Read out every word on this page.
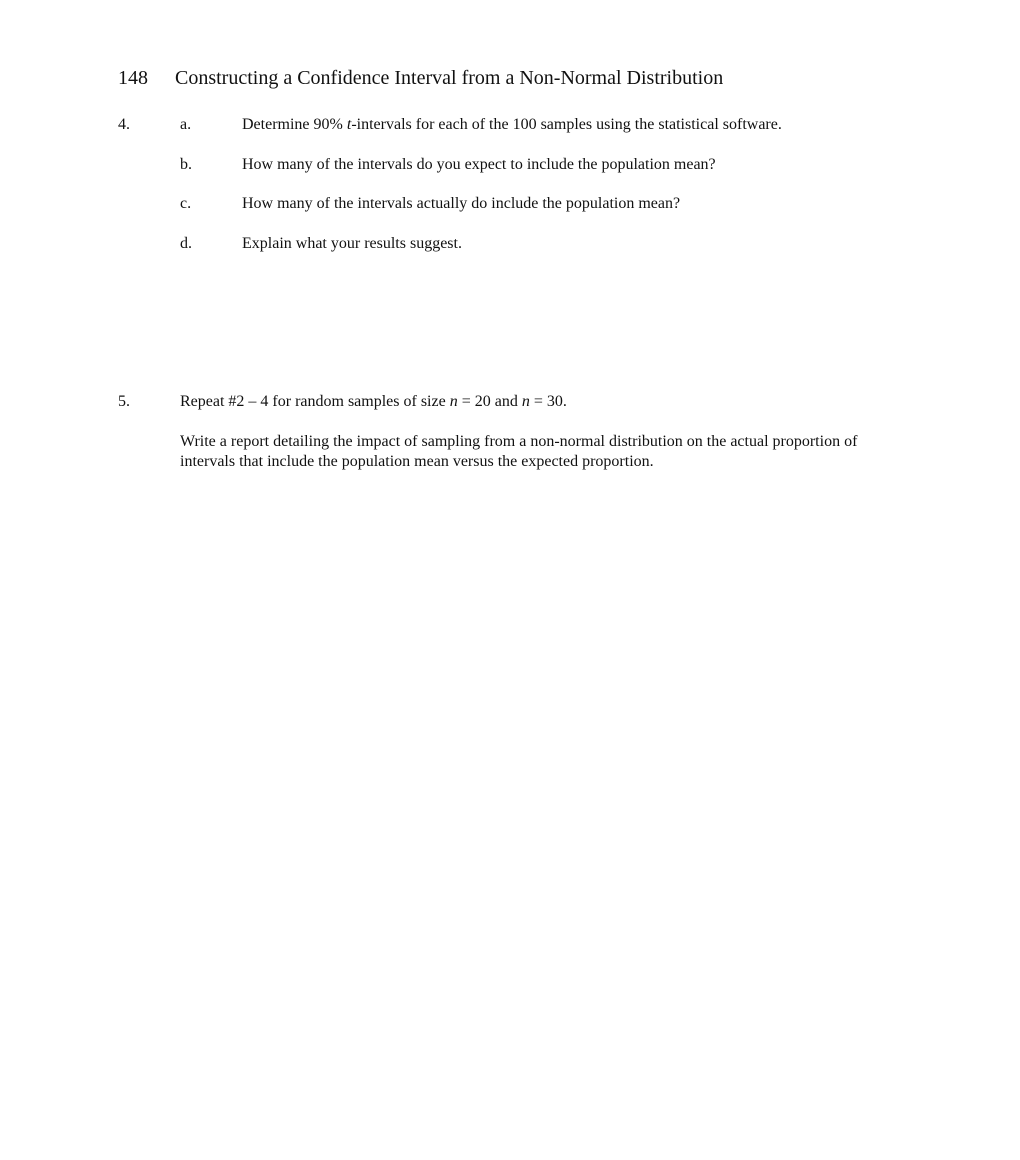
148 Constructing a Confidence Interval from a Non-Normal Distribution
4.	a.	Determine 90% t-intervals for each of the 100 samples using the statistical software.
b.	How many of the intervals do you expect to include the population mean?
c.	How many of the intervals actually do include the population mean?
d.	Explain what your results suggest.
5.	Repeat #2 – 4 for random samples of size n = 20 and n = 30.
Write a report detailing the impact of sampling from a non-normal distribution on the actual proportion of intervals that include the population mean versus the expected proportion.
